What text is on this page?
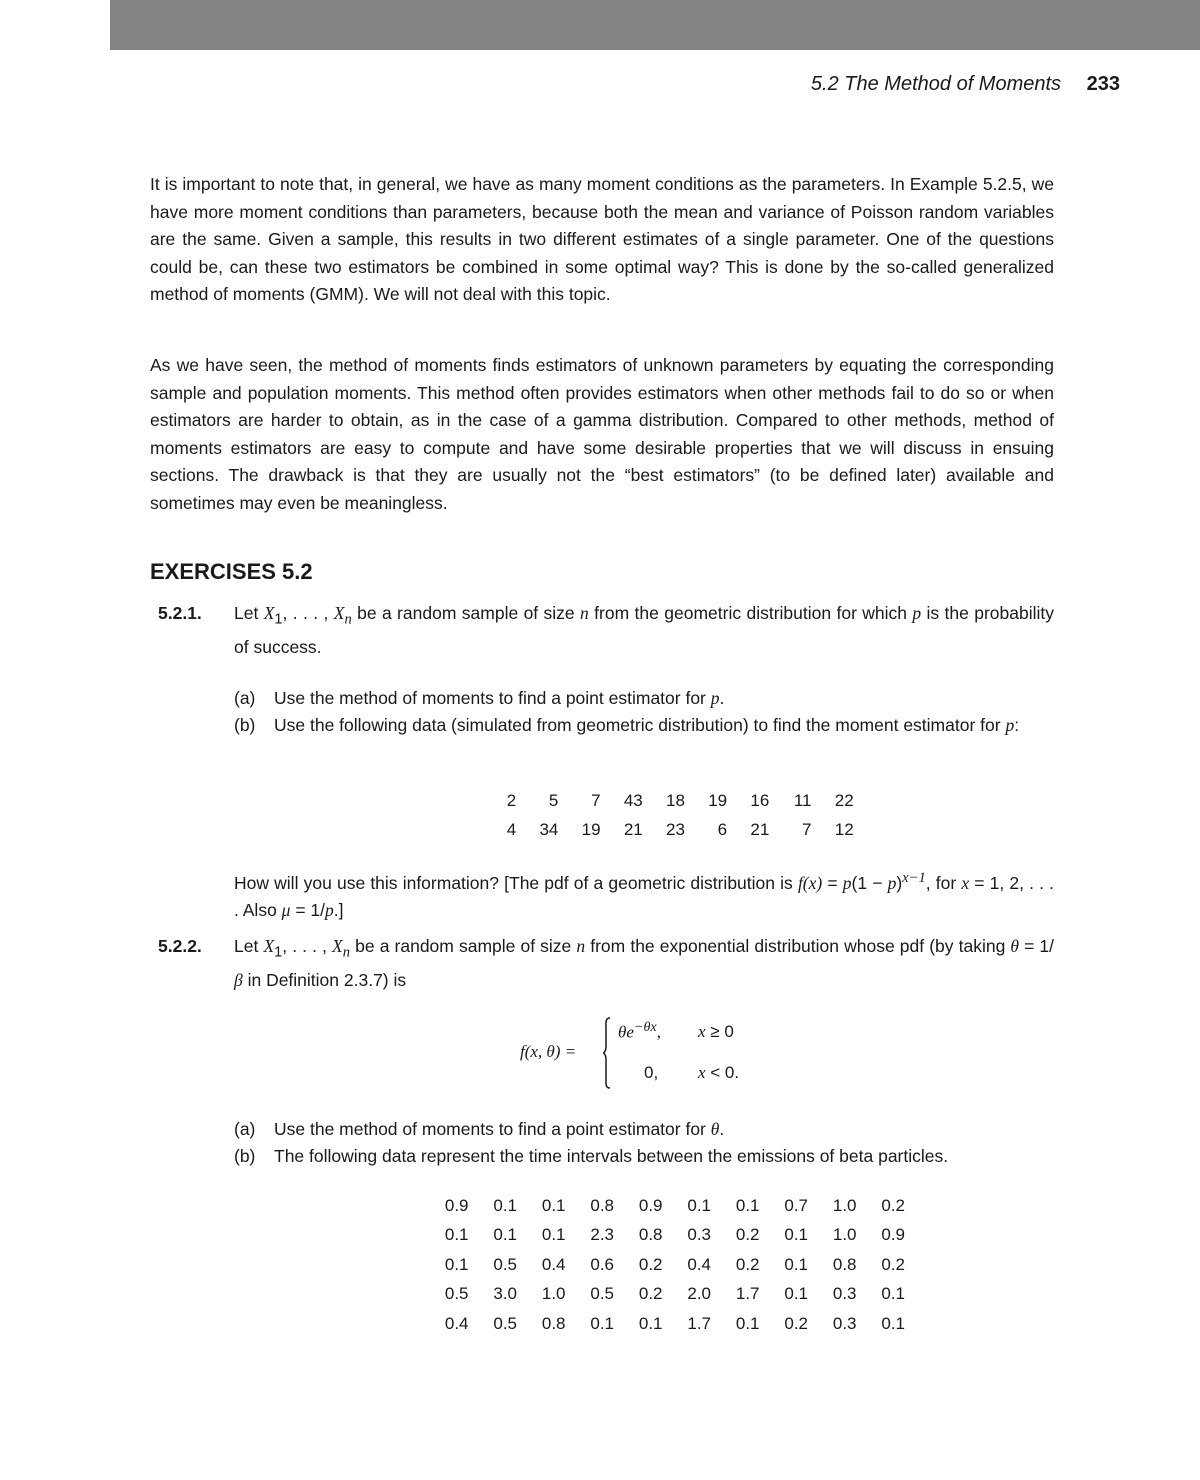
5.2 The Method of Moments 233

It is important to note that, in general, we have as many moment conditions as the parameters. In Example 5.2.5, we have more moment conditions than parameters, because both the mean and variance of Poisson random variables are the same. Given a sample, this results in two different estimates of a single parameter. One of the questions could be, can these two estimators be combined in some optimal way? This is done by the so-called generalized method of moments (GMM). We will not deal with this topic.

As we have seen, the method of moments finds estimators of unknown parameters by equating the corresponding sample and population moments. This method often provides estimators when other methods fail to do so or when estimators are harder to obtain, as in the case of a gamma distribution. Compared to other methods, method of moments estimators are easy to compute and have some desirable properties that we will discuss in ensuing sections. The drawback is that they are usually not the “best estimators” (to be defined later) available and sometimes may even be meaningless.

EXERCISES 5.2
5.2.1. Let $X_1$, . . . , $X_n$ be a random sample of size n from the geometric distribution for which p is the probability of success.

(a) Use the method of moments to find a point estimator for p.
(b) Use the following data (simulated from geometric distribution) to find the moment estimator for p:
2	5	7	43	18	19	16	11	22
4	34	19	21	23	6	21	7	12

How will you use this information? [The pdf of a geometric distribution is $f(x) = p(1 - p)^{x-1}$, for x = 1, 2, . . . . Also μ = 1/p.]

5.2.2. Let $X_1$, . . . , $X_n$ be a random sample of size n from the exponential distribution whose pdf (by taking θ = 1/β in Definition 2.3.7) is

f(x, θ) =
$\theta e^{-\theta x}$, x ≥ 0
0, x < 0.
(a) Use the method of moments to find a point estimator for θ.
(b) The following data represent the time intervals between the emissions of beta particles.
0.9	0.1	0.1	0.8	0.9	0.1	0.1	0.7	1.0	0.2
0.1	0.1	0.1	2.3	0.8	0.3	0.2	0.1	1.0	0.9
0.1	0.5	0.4	0.6	0.2	0.4	0.2	0.1	0.8	0.2
0.5	3.0	1.0	0.5	0.2	2.0	1.7	0.1	0.3	0.1
0.4	0.5	0.8	0.1	0.1	1.7	0.1	0.2	0.3	0.1
